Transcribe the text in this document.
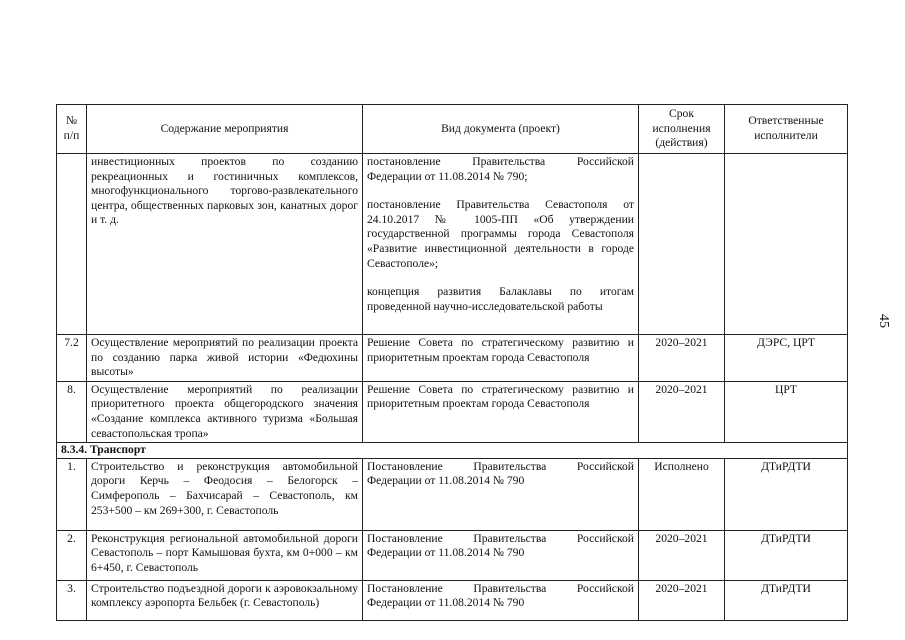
№ п/п	Содержание мероприятия	Вид документа (проект)	Срок исполнения (действия)	Ответственные исполнители
	инвестиционных проектов по созданию рекреационных и гостиничных комплексов, многофункционального торгово-развлекательного центра, общественных парковых зон, канатных дорог и т. д.	постановление Правительства Российской Федерации от 11.08.2014 № 790;

постановление Правительства Севастополя от 24.10.2017 № 1005-ПП «Об утверждении государственной программы города Севастополя «Развитие инвестиционной деятельности в городе Севастополе»;

концепция развития Балаклавы по итогам проведенной научно-исследовательской работы		

7.2	Осуществление мероприятий по реализации проекта по созданию парка живой истории «Федюхины высоты»	Решение Совета по стратегическому развитию и приоритетным проектам города Севастополя	2020–2021	ДЭРС, ЦРТ
8.	Осуществление мероприятий по реализации приоритетного проекта общегородского значения «Создание комплекса активного туризма «Большая севастопольская тропа»	Решение Совета по стратегическому развитию и приоритетным проектам города Севастополя	2020–2021	ЦРТ
8.3.4. Транспорт				
1.	Строительство и реконструкция автомобильной дороги Керчь – Феодосия – Белогорск – Симферополь – Бахчисарай – Севастополь, км 253+500 – км 269+300, г. Севастополь	Постановление Правительства Российской Федерации от 11.08.2014 № 790	Исполнено	ДТиРДТИ
2.	Реконструкция региональной автомобильной дороги Севастополь – порт Камышовая бухта, км 0+000 – км 6+450, г. Севастополь	Постановление Правительства Российской Федерации от 11.08.2014 № 790	2020–2021	ДТиРДТИ
3.	Строительство подъездной дороги к аэровокзальному комплексу аэропорта Бельбек (г. Севастополь)	Постановление Правительства Российской Федерации от 11.08.2014 № 790	2020–2021	ДТиРДТИ
45
